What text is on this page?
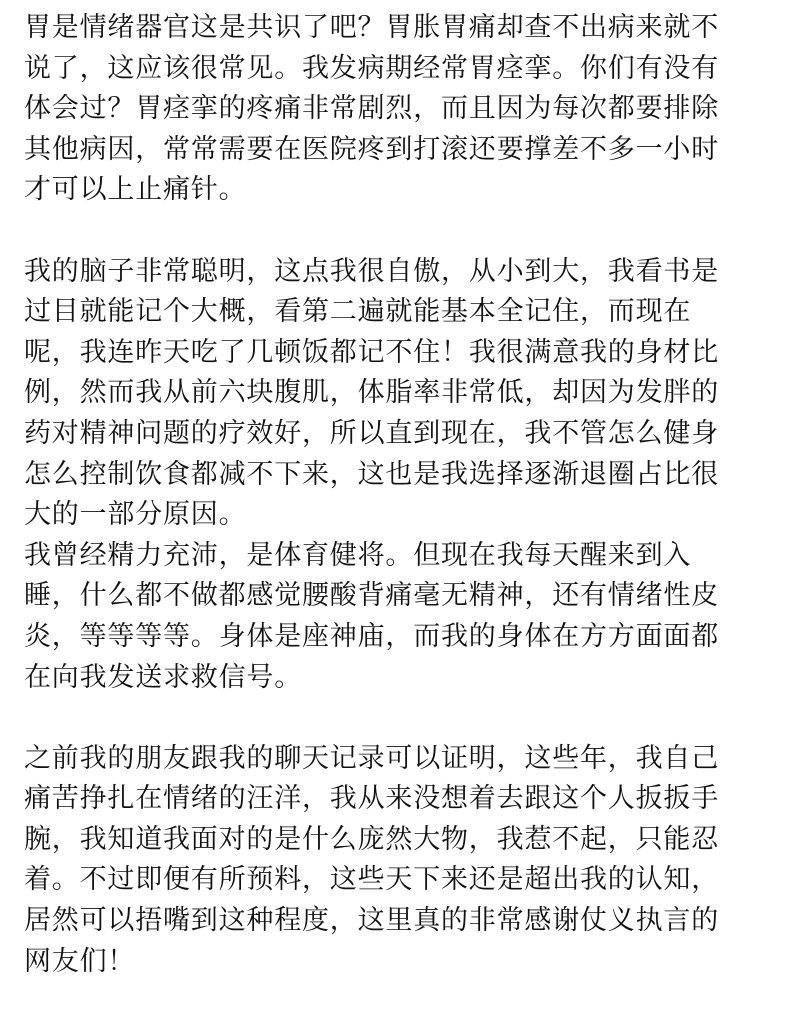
胃是情绪器官这是共识了吧？胃胀胃痛却查不出病来就不
说了，这应该很常见。我发病期经常胃痉挛。你们有没有
体会过？胃痉挛的疼痛非常剧烈，而且因为每次都要排除
其他病因，常常需要在医院疼到打滚还要撑差不多一小时
才可以上止痛针。
我的脑子非常聪明，这点我很自傲，从小到大，我看书是
过目就能记个大概，看第二遍就能基本全记住，而现在
呢，我连昨天吃了几顿饭都记不住！我很满意我的身材比
例，然而我从前六块腹肌，体脂率非常低，却因为发胖的
药对精神问题的疗效好，所以直到现在，我不管怎么健身
怎么控制饮食都减不下来，这也是我选择逐渐退圈占比很
大的一部分原因。
我曾经精力充沛，是体育健将。但现在我每天醒来到入
睡，什么都不做都感觉腰酸背痛毫无精神，还有情绪性皮
炎，等等等等。身体是座神庙，而我的身体在方方面面都
在向我发送求救信号。
之前我的朋友跟我的聊天记录可以证明，这些年，我自己
痛苦挣扎在情绪的汪洋，我从来没想着去跟这个人扳扳手
腕，我知道我面对的是什么庞然大物，我惹不起，只能忍
着。不过即便有所预料，这些天下来还是超出我的认知，
居然可以捂嘴到这种程度，这里真的非常感谢仗义执言的
网友们！
